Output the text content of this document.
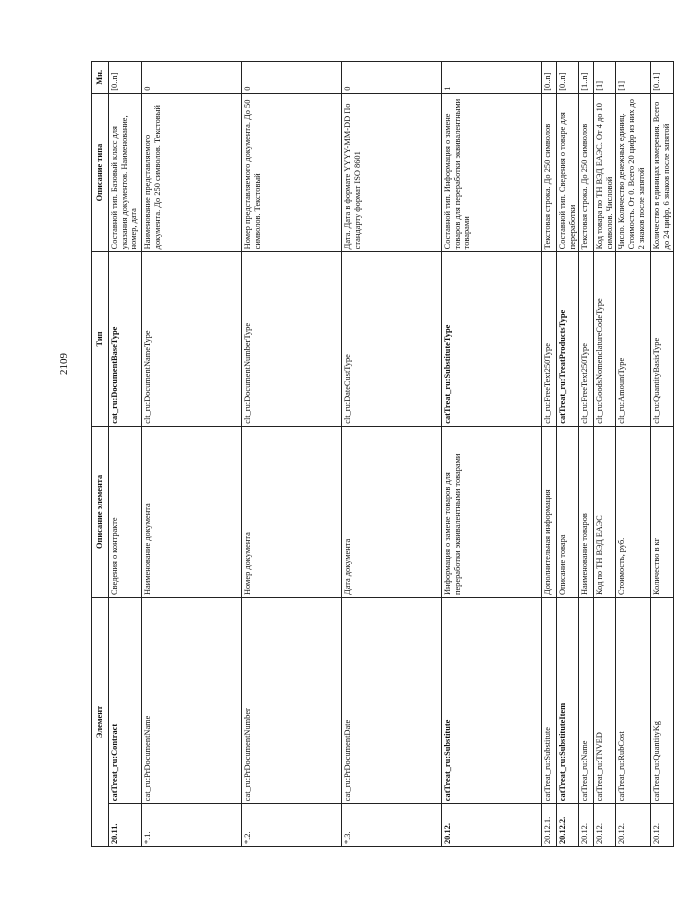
2109
Элемент		Описание элемента	Тип	Описание типа	Мн.
20.11.	catTreat_ru:Contract	Сведения о контракте	cat_ru:DocumentBaseType	Составной тип. Базовый класс для указания документов. Наименование, номер, дата	[0..n]
*.1.	cat_ru:PrDocumentName	Наименование документа	clt_ru:DocumentNameType	Наименование представляемого документа. До 250 символов. Текстовый	0
*.2.	cat_ru:PrDocumentNumber	Номер документа	clt_ru:DocumentNumberType	Номер представляемого документа. До 50 символов. Текстовый	0
*.3.	cat_ru:PrDocumentDate	Дата документа	clt_ru:DateCustType	Дата. Дата в формате YYYY-MM-DD По стандарту формат ISO 8601	0
20.12.	catTreat_ru:Substitute	Информация о замене товаров для переработки эквивалентными товарами	catTreat_ru:SubstituteType	Составной тип. Информация о замене товаров для переработки эквивалентными товарами	1
20.12.1.	catTreat_ru:Substitute	Дополнительная информация	clt_ru:FreeText250Type	Текстовая строка. До 250 символов	[0..n]
20.12.2.	catTreat_ru:SubstituteItem	Описание товара	catTreat_ru:TreatProductsType	Составной тип. Сведения о товаре для переработки	[0..n]
20.12.	catTreat_ru:Name	Наименование товаров	clt_ru:FreeText250Type	Текстовая строка. До 250 символов	[1..n]
20.12.	catTreat_ru:TNVED	Код по ТН ВЭД ЕАЭС	clt_ru:GoodsNomenclatureCodeType	Код товара по ТН ВЭД ЕАЭС. От 4 до 10 символов. Числовой	[1]
20.12.	catTreat_ru:RubCost	Стоимость, руб.	clt_ru:AmountType	Число. Количество денежных единиц. Стоимость. От 0. Всего 20 цифр из них до 2 знаков после запятой	[1]
20.12.	catTreat_ru:QuantityKg	Количество в кг	clt_ru:QuantityBasisType	Количество в единицах измерения. Всего до 24 цифр, 6 знаков после запятой	[0..1]
